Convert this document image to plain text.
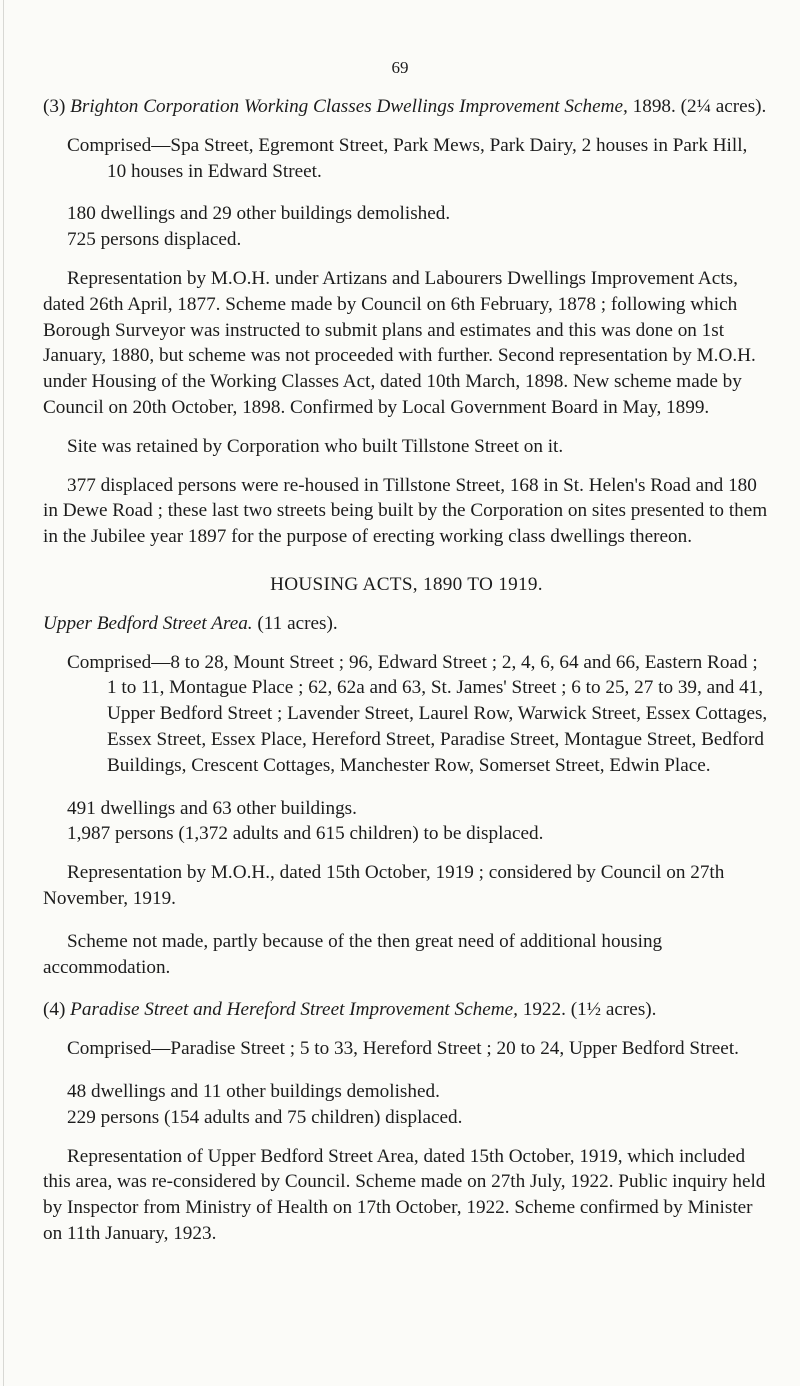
69

(3) Brighton Corporation Working Classes Dwellings Improvement Scheme, 1898. (2¼ acres).

Comprised—Spa Street, Egremont Street, Park Mews, Park Dairy, 2 houses in Park Hill, 10 houses in Edward Street.

180 dwellings and 29 other buildings demolished.

725 persons displaced.

Representation by M.O.H. under Artizans and Labourers Dwellings Improvement Acts, dated 26th April, 1877. Scheme made by Council on 6th February, 1878 ; following which Borough Surveyor was instructed to submit plans and estimates and this was done on 1st January, 1880, but scheme was not proceeded with further. Second representation by M.O.H. under Housing of the Working Classes Act, dated 10th March, 1898. New scheme made by Council on 20th October, 1898. Confirmed by Local Government Board in May, 1899.

Site was retained by Corporation who built Tillstone Street on it.

377 displaced persons were re-housed in Tillstone Street, 168 in St. Helen's Road and 180 in Dewe Road ; these last two streets being built by the Corporation on sites presented to them in the Jubilee year 1897 for the purpose of erecting working class dwellings thereon.

HOUSING ACTS, 1890 TO 1919.

Upper Bedford Street Area. (11 acres).

Comprised—8 to 28, Mount Street ; 96, Edward Street ; 2, 4, 6, 64 and 66, Eastern Road ; 1 to 11, Montague Place ; 62, 62a and 63, St. James' Street ; 6 to 25, 27 to 39, and 41, Upper Bedford Street ; Lavender Street, Laurel Row, Warwick Street, Essex Cottages, Essex Street, Essex Place, Hereford Street, Paradise Street, Montague Street, Bedford Buildings, Crescent Cottages, Manchester Row, Somerset Street, Edwin Place.

491 dwellings and 63 other buildings.

1,987 persons (1,372 adults and 615 children) to be displaced.

Representation by M.O.H., dated 15th October, 1919 ; considered by Council on 27th November, 1919.

Scheme not made, partly because of the then great need of additional housing accommodation.

(4) Paradise Street and Hereford Street Improvement Scheme, 1922. (1½ acres).

Comprised—Paradise Street ; 5 to 33, Hereford Street ; 20 to 24, Upper Bedford Street.

48 dwellings and 11 other buildings demolished.

229 persons (154 adults and 75 children) displaced.

Representation of Upper Bedford Street Area, dated 15th October, 1919, which included this area, was re-considered by Council. Scheme made on 27th July, 1922. Public inquiry held by Inspector from Ministry of Health on 17th October, 1922. Scheme confirmed by Minister on 11th January, 1923.
